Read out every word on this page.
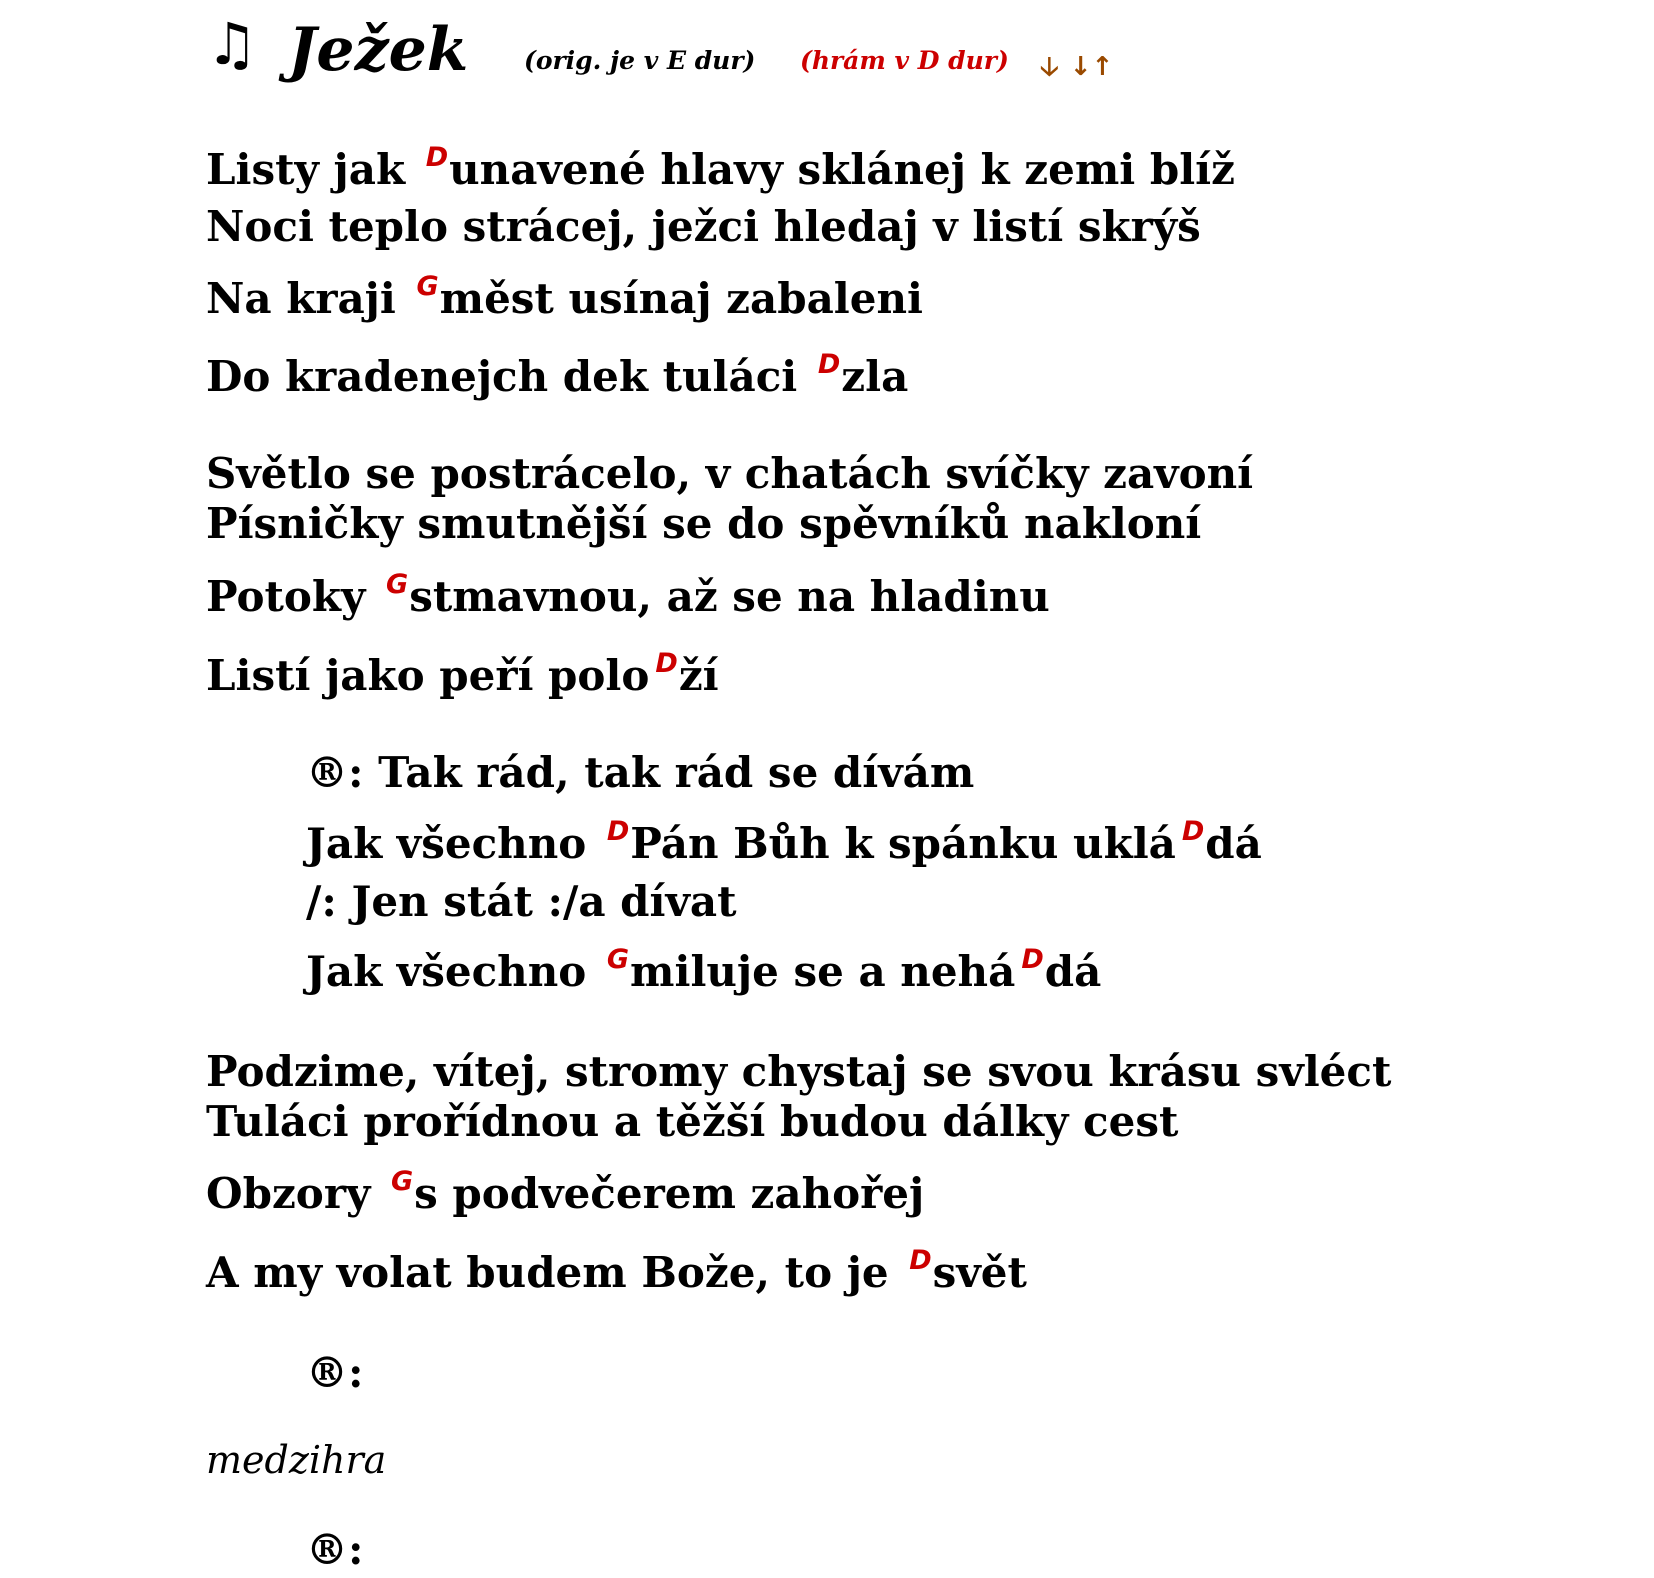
♫ Ježek (orig. je v E dur) (hrám v D dur) 🡣 ↓↑
Listy jak $^D$unavené hlavy sklánej k zemi blíž
Noci teplo strácej, ježci hledaj v listí skrýš
Na kraji $^G$měst usínaj zabaleni
Do kradenejch dek tuláci $^D$zla
Světlo se postrácelo, v chatách svíčky zavoní
Písničky smutnější se do spěvníků nakloní
Potoky $^G$stmavnou, až se na hladinu
Listí jako peří polo $^D$ží
®: Tak rád, tak rád se dívám
Jak všechno $^D$Pán Bůh k spánku uklá $^D$dá
/: Jen stát :/a dívat
Jak všechno $^G$miluje se a nehá $^D$dá
Podzime, vítej, stromy chystaj se svou krásu svléct
Tuláci prořídnou a těžší budou dálky cest
Obzory $^G$s podvečerem zahořej
A my volat budem Bože, to je $^D$svět
®:
medzihra
®:
